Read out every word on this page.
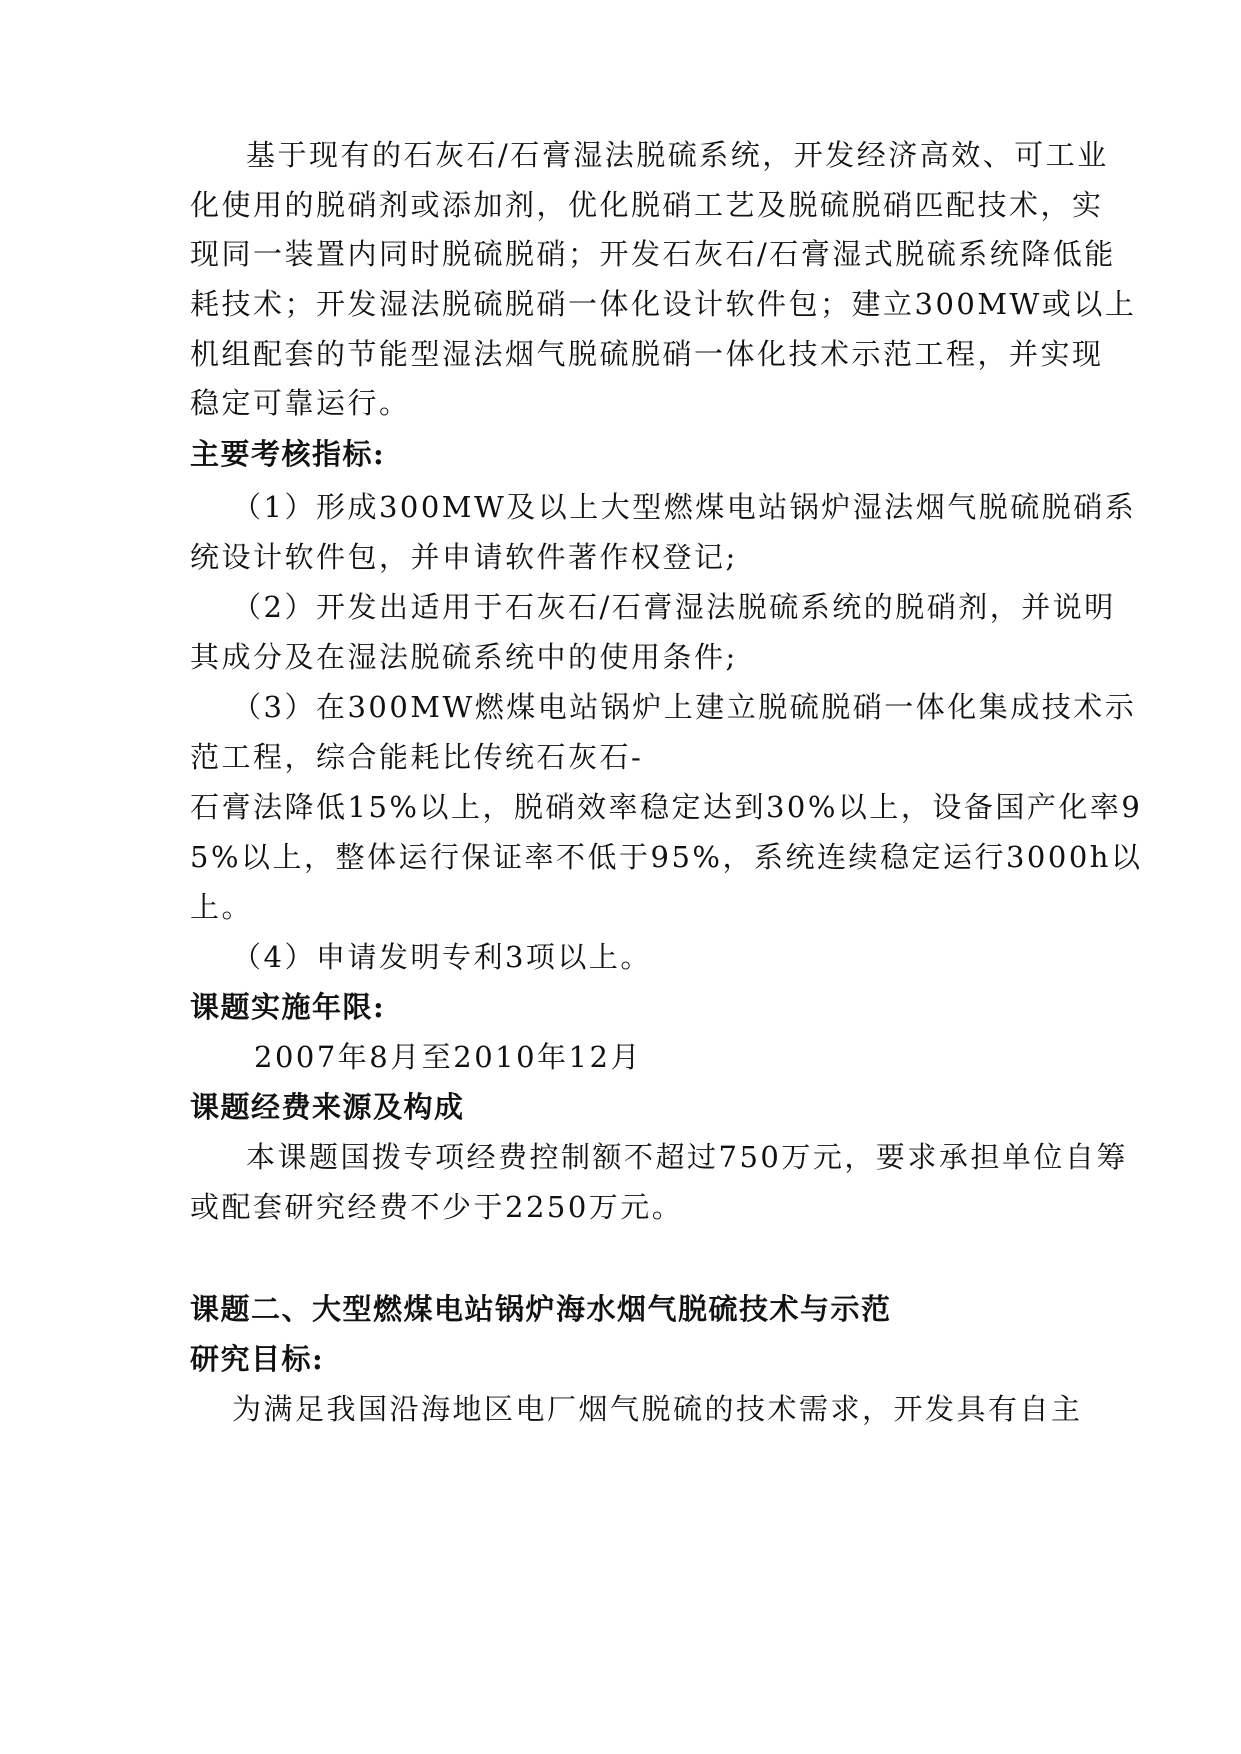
基于现有的石灰石/石膏湿法脱硫系统，开发经济高效、可工业

化使用的脱硝剂或添加剂，优化脱硝工艺及脱硫脱硝匹配技术，实

现同一装置内同时脱硫脱硝；开发石灰石/石膏湿式脱硫系统降低能

耗技术；开发湿法脱硫脱硝一体化设计软件包；建立300MW或以上

机组配套的节能型湿法烟气脱硫脱硝一体化技术示范工程，并实现

稳定可靠运行。

主要考核指标:

（1）形成300MW及以上大型燃煤电站锅炉湿法烟气脱硫脱硝系

统设计软件包，并申请软件著作权登记;

（2）开发出适用于石灰石/石膏湿法脱硫系统的脱硝剂，并说明

其成分及在湿法脱硫系统中的使用条件;

（3）在300MW燃煤电站锅炉上建立脱硫脱硝一体化集成技术示

范工程，综合能耗比传统石灰石-

石膏法降低15%以上，脱硝效率稳定达到30%以上，设备国产化率9

5%以上，整体运行保证率不低于95%，系统连续稳定运行3000h以

上。

（4）申请发明专利3项以上。

课题实施年限:

2007年8月至2010年12月

课题经费来源及构成

本课题国拨专项经费控制额不超过750万元，要求承担单位自筹

或配套研究经费不少于2250万元。

课题二、大型燃煤电站锅炉海水烟气脱硫技术与示范

研究目标:

为满足我国沿海地区电厂烟气脱硫的技术需求，开发具有自主
